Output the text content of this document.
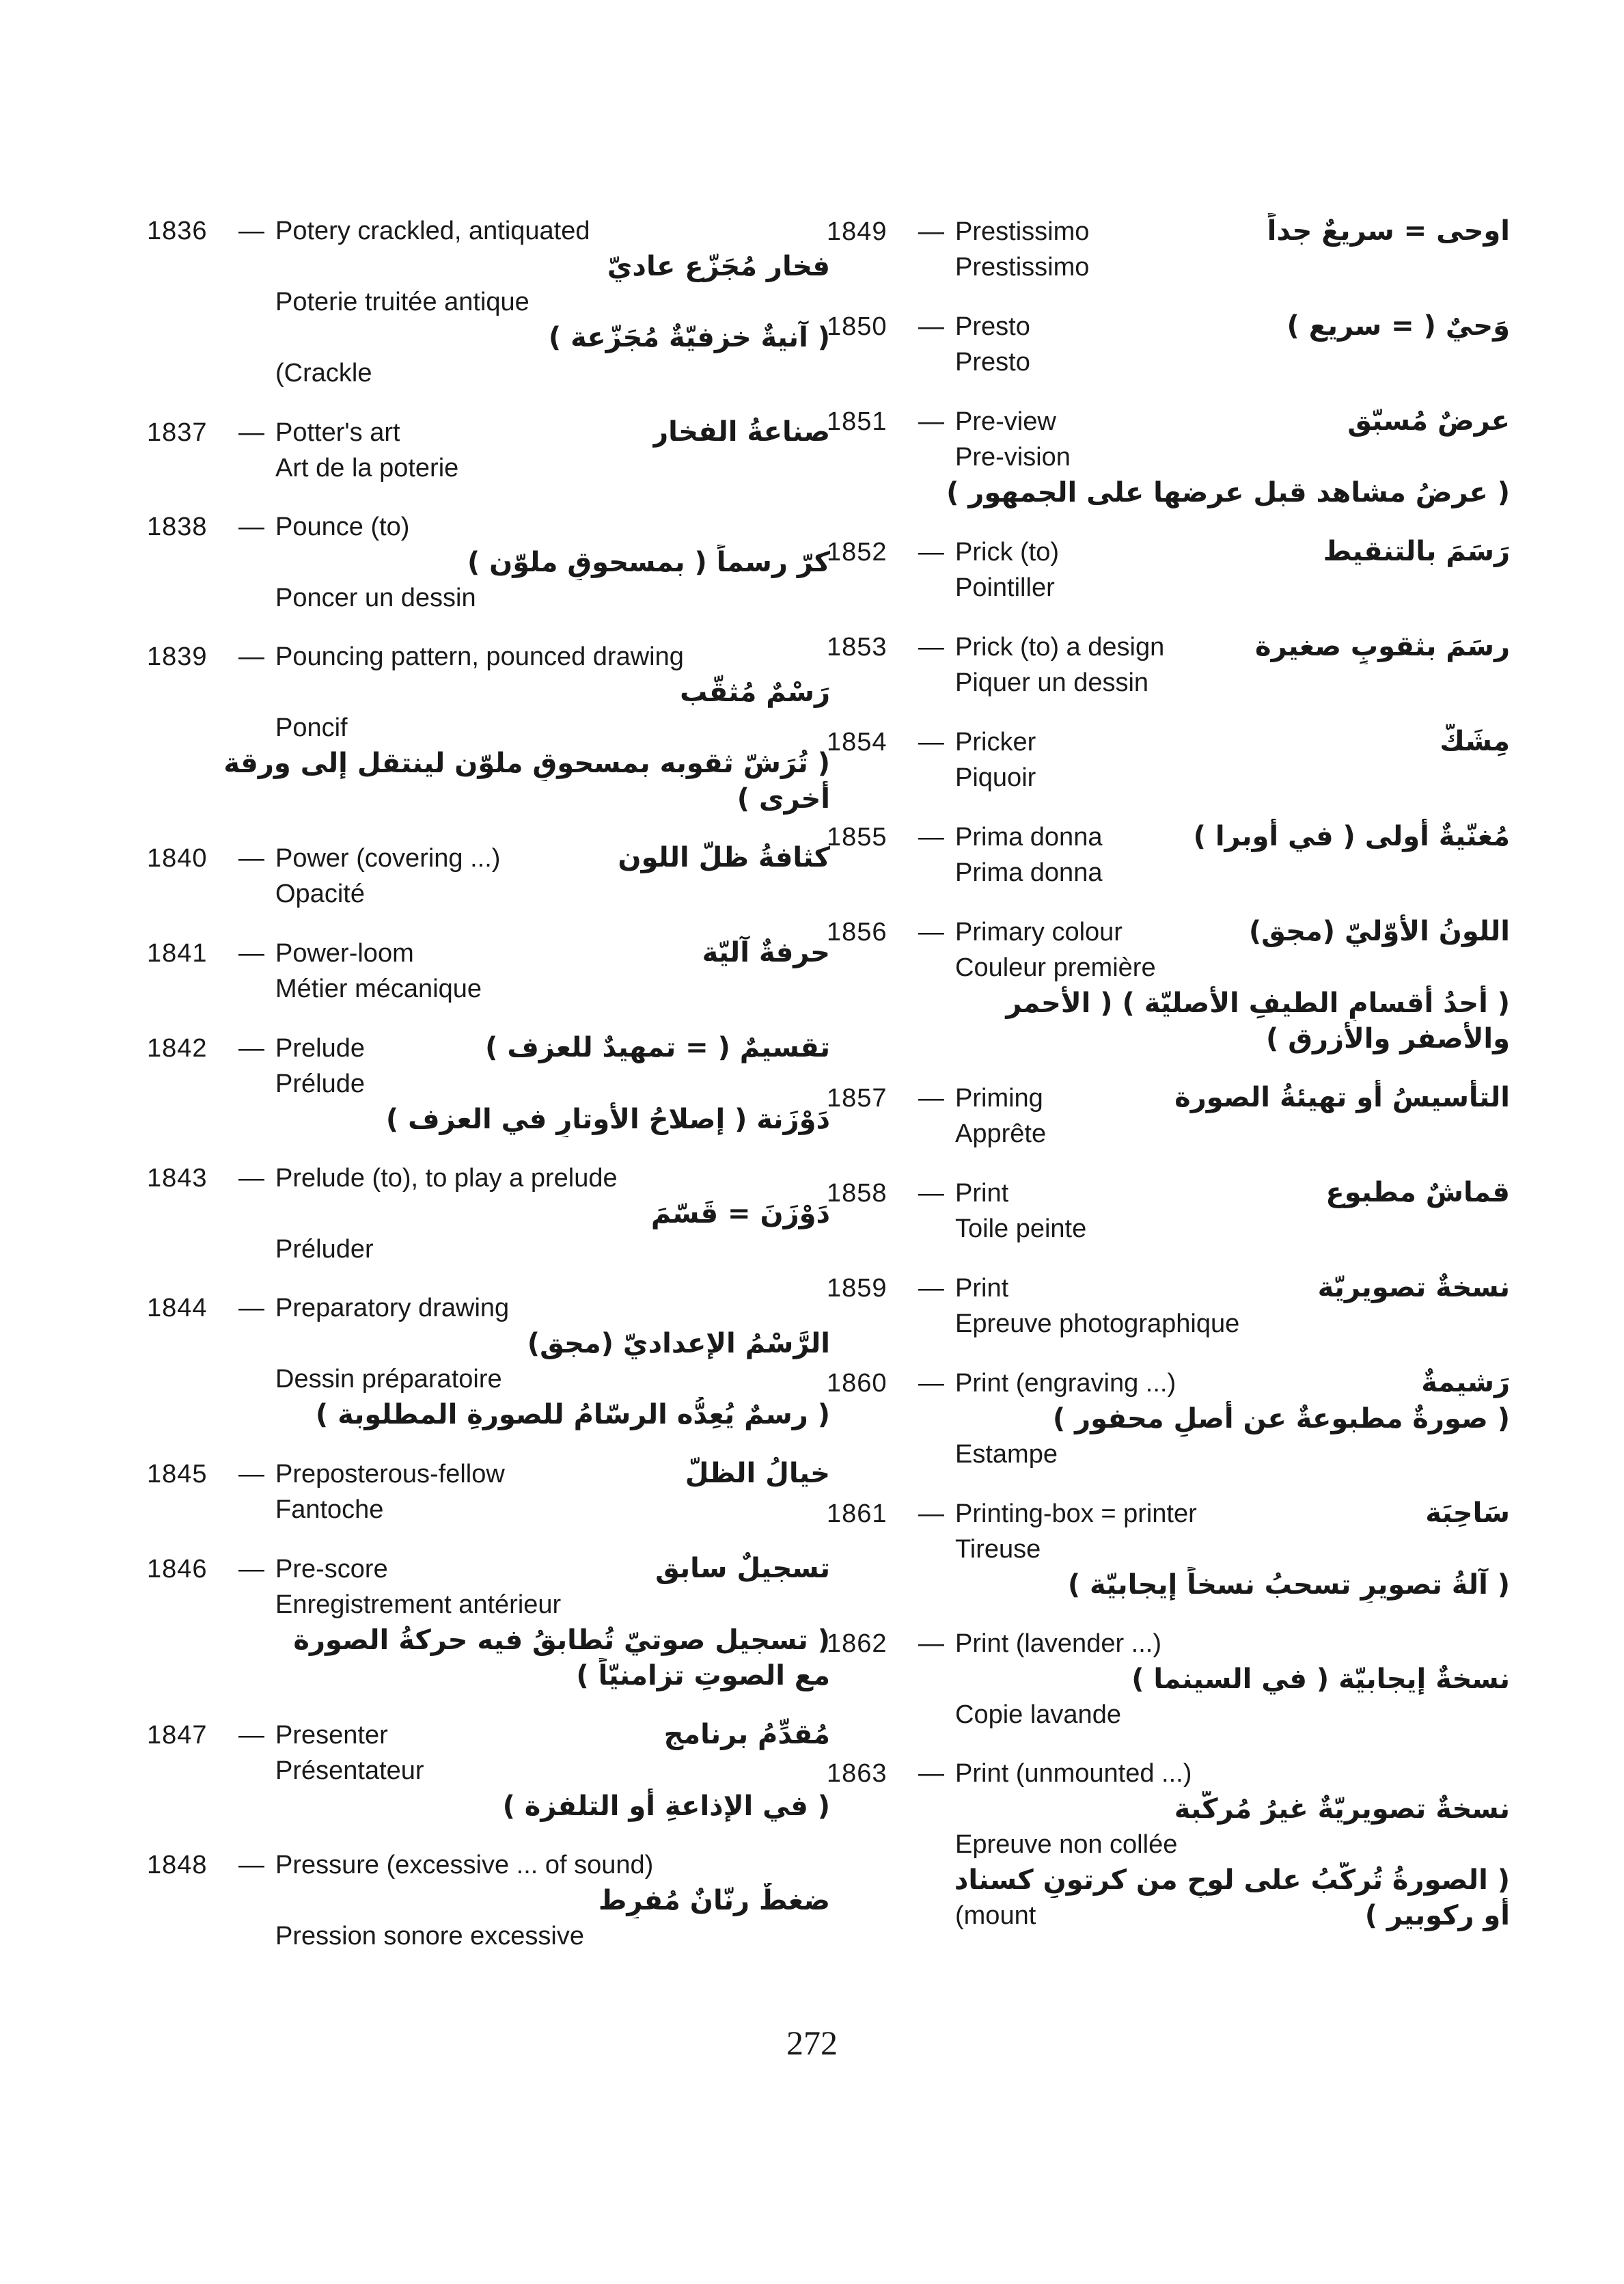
1836	— Potery crackled, antiquated
فخار مُجَزّع عاديّ
Poterie truitée antique
( آنيةٌ خزفيّةٌ مُجَزّعة )
(Crackle
1837	— Potter's art	صناعةُ الفخار
Art de la poterie
1838	— Pounce (to)
كرّ رسماً ( بمسحوقٍ ملوّن )
Poncer un dessin
1839	— Pouncing pattern, pounced drawing
رَسْمٌ مُثقّب
Poncif
( تُرَشّ ثقوبه بمسحوقٍ ملوّن لينتقل إلى ورقة
أخرى )
1840	— Power (covering ...)	كثافةُ ظلّ اللون
Opacité
1841	— Power-loom	حرفةٌ آليّة
Métier mécanique
1842	— Prelude	تقسيمٌ ( = تمهيدٌ للعزف )
Prélude
دَوْزَنة ( إصلاحُ الأوتارِ في العزف )
1843	— Prelude (to), to play a prelude
دَوْزَنَ = قَسّمَ
Préluder
1844	— Preparatory drawing
الرَّسْمُ الإعداديّ (مجق)
Dessin préparatoire
( رسمٌ يُعِدُّه الرسّامُ للصورةِ المطلوبة )
1845	— Preposterous-fellow	خيالُ الظلّ
Fantoche
1846	— Pre-score	تسجيلٌ سابق
Enregistrement antérieur
( تسجيل صوتيّ تُطابقُ فيه حركةُ الصورة
مع الصوتِ تزامنيّاً )
1847	— Presenter	مُقدِّمُ برنامج
Présentateur
( في الإذاعةِ أو التلفزة )
1848	— Pressure (excessive ... of sound)
ضغطٌ رنّانٌ مُفرِط
Pression sonore excessive
1849	— Prestissimo	اوحى = سريعٌ جداً
Prestissimo
1850	— Presto	وَحيٌ ( = سريع )
Presto
1851	— Pre-view	عرضٌ مُسبّق
Pre-vision
( عرضُ مشاهد قبل عرضها على الجمهور )
1852	— Prick (to)	رَسَمَ بالتنقيط
Pointiller
1853	— Prick (to) a design	رسَمَ بثقوبٍ صغيرة
Piquer un dessin
1854	— Pricker	مِشَكّ
Piquoir
1855	— Prima donna	مُغنّيةٌ أولى ( في أوبرا )
Prima donna
1856	— Primary colour	اللونُ الأوّليّ (مجق)
Couleur première
( أحدُ أقسامِ الطيفِ الأصليّة ) ( الأحمر
والأصفر والأزرق )
1857	— Priming	التأسيسُ أو تهيئةُ الصورة
Apprête
1858	— Print	قماشٌ مطبوع
Toile peinte
1859	— Print	نسخةٌ تصويريّة
Epreuve photographique
1860	— Print (engraving ...)	رَشيمةٌ
( صورةٌ مطبوعةٌ عن أصلٍ محفور )
Estampe
1861	— Printing-box = printer	سَاحِبَة
Tireuse
( آلةُ تصويرٍ تسحبُ نسخاً إيجابيّة )
1862	— Print (lavender ...)
نسخةٌ إيجابيّة ( في السينما )
Copie lavande
1863	— Print (unmounted ...)
نسخةٌ تصويريّةٌ غيرُ مُركّبة
Epreuve non collée
( الصورةُ تُركّبُ على لوحٍ من كرتونٍ كسناد
(mount	أو ركوبير )
272
